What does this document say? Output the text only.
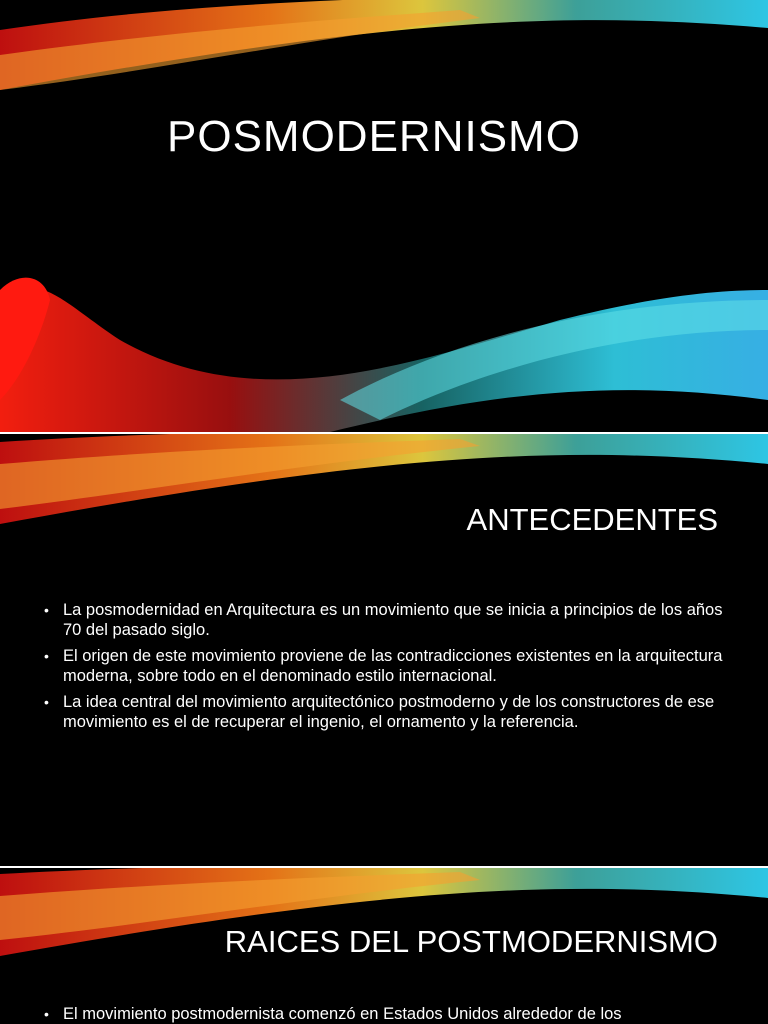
POSMODERNISMO
ANTECEDENTES
• La posmodernidad en Arquitectura es un movimiento que se inicia a principios de los años 70 del pasado siglo.
• El origen de este movimiento proviene de las contradicciones existentes en la arquitectura moderna, sobre todo en el denominado estilo internacional.
• La idea central del movimiento arquitectónico postmoderno y de los constructores de ese movimiento es el de recuperar el ingenio, el ornamento y la referencia.
RAICES DEL POSTMODERNISMO
• El movimiento postmodernista comenzó en Estados Unidos alrededor de los
